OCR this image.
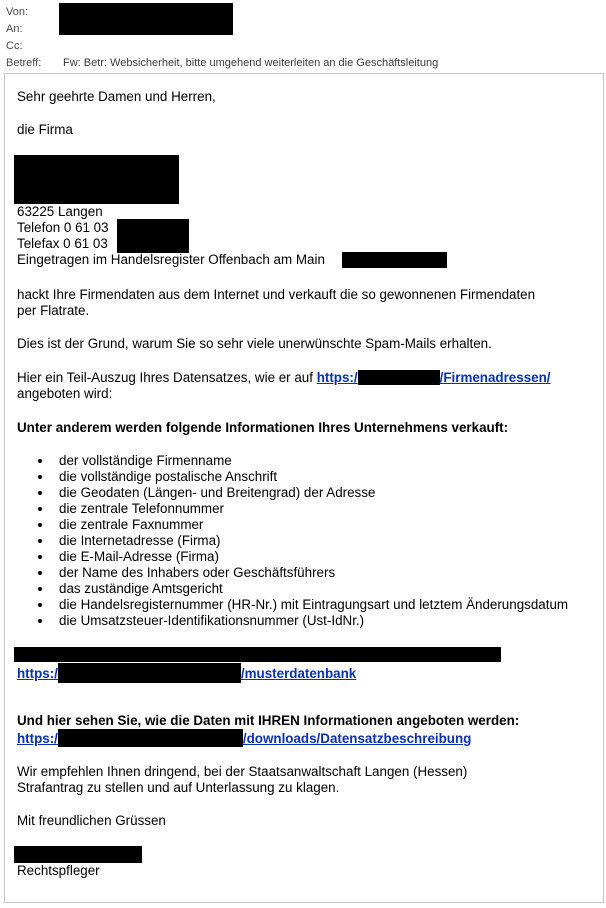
Von:
An:
Cc:
Betreff: Fw: Betr: Websicherheit, bitte umgehend weiterleiten an die Geschäftsleitung
Sehr geehrte Damen und Herren,
die Firma
63225 Langen
Telefon 0 61 03
Telefax 0 61 03
Eingetragen im Handelsregister Offenbach am Main
hackt Ihre Firmendaten aus dem Internet und verkauft die so gewonnenen Firmendaten
per Flatrate.
Dies ist der Grund, warum Sie so sehr viele unerwünschte Spam-Mails erhalten.
Hier ein Teil-Auszug Ihres Datensatzes, wie er auf https:/	/Firmenadressen/
angeboten wird:
Unter anderem werden folgende Informationen Ihres Unternehmens verkauft:
der vollständige Firmenname
die vollständige postalische Anschrift
die Geodaten (Längen- und Breitengrad) der Adresse
die zentrale Telefonnummer
die zentrale Faxnummer
die Internetadresse (Firma)
die E-Mail-Adresse (Firma)
der Name des Inhabers oder Geschäftsführers
das zuständige Amtsgericht
die Handelsregisternummer (HR-Nr.) mit Eintragungsart und letztem Änderungsdatum
die Umsatzsteuer-Identifikationsnummer (Ust-IdNr.)
https:/	/musterdatenbank
Und hier sehen Sie, wie die Daten mit IHREN Informationen angeboten werden:
https:/	/downloads/Datensatzbeschreibung
Wir empfehlen Ihnen dringend, bei der Staatsanwaltschaft Langen (Hessen)
Strafantrag zu stellen und auf Unterlassung zu klagen.
Mit freundlichen Grüssen
Rechtspfleger
